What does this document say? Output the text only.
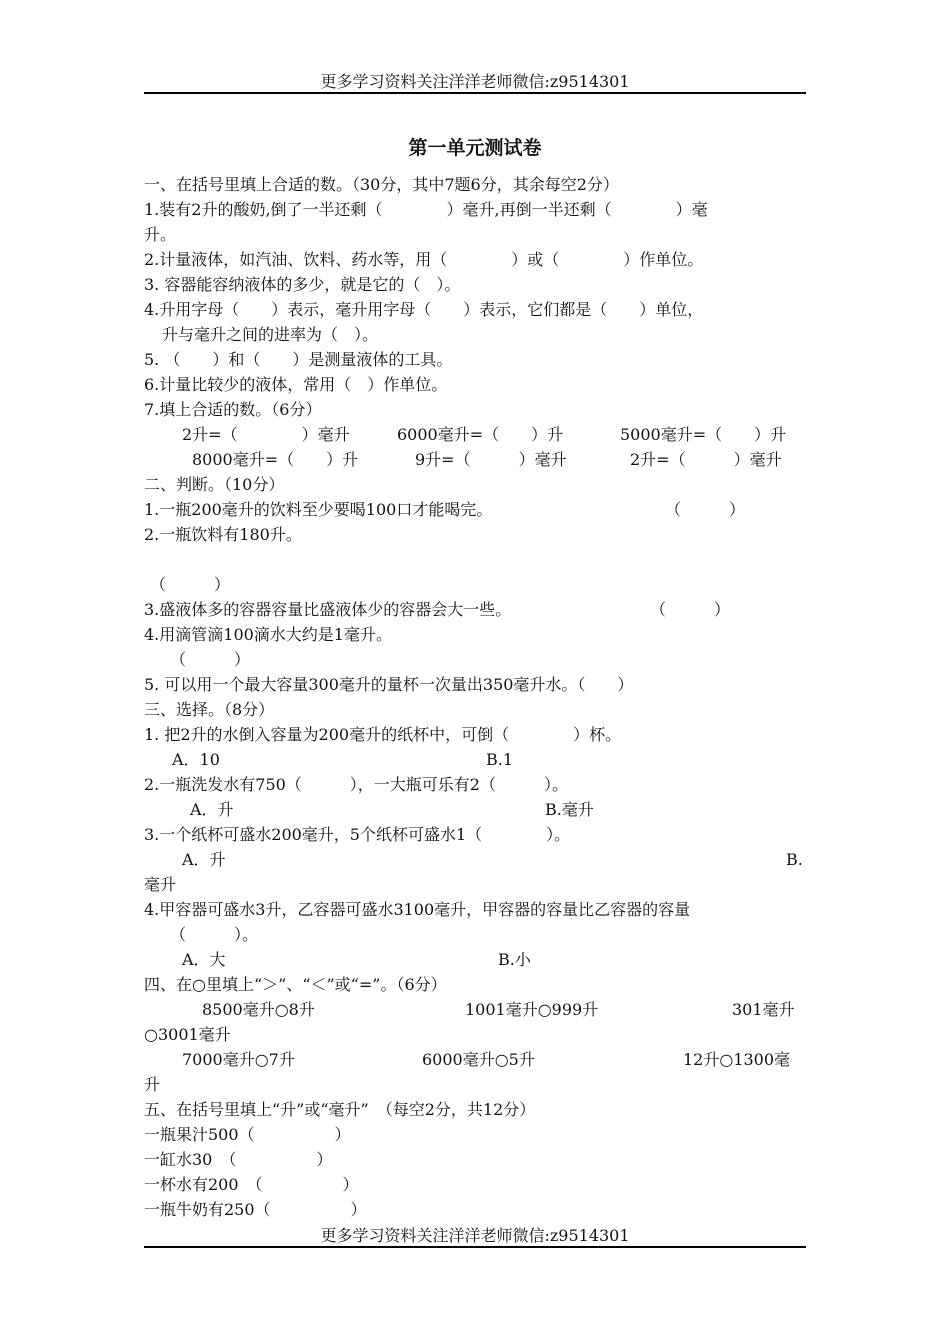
更多学习资料关注洋洋老师微信:z9514301
第一单元测试卷
一、在括号里填上合适的数。（30分，其中7题6分，其余每空2分）
1.装有2升的酸奶,倒了一半还剩（　　　　）毫升,再倒一半还剩（　　　　）毫
升。
2.计量液体，如汽油、饮料、药水等，用（　　　　）或（　　　　）作单位。
3. 容器能容纳液体的多少，就是它的（　）。
4.升用字母（　　）表示，毫升用字母（　　）表示，它们都是（　　）单位，
升与毫升之间的进率为（　）。
5. （　　）和（　　）是测量液体的工具。
6.计量比较少的液体，常用（　）作单位。
7.填上合适的数。（6分）
2升=（　　　　）毫升	6000毫升=（　　）升	5000毫升=（　　）升
8000毫升=（　　）升	9升=（　　　）毫升	2升=（　　　）毫升
二、判断。（10分）
1.一瓶200毫升的饮料至少要喝100口才能喝完。	（　　　）
2.一瓶饮料有180升。
（　　　）
3.盛液体多的容器容量比盛液体少的容器会大一些。	（　　　）
4.用滴管滴100滴水大约是1毫升。
（　　　）
5. 可以用一个最大容量300毫升的量杯一次量出350毫升水。（　　）
三、选择。（8分）
1. 把2升的水倒入容量为200毫升的纸杯中，可倒（　　　　）杯。
A．10	B.1
2.一瓶洗发水有750（　　　），一大瓶可乐有2（　　　）。
A．升	B.毫升
3.一个纸杯可盛水200毫升，5个纸杯可盛水1（　　　　）。
A．升	B.
毫升
4.甲容器可盛水3升，乙容器可盛水3100毫升，甲容器的容量比乙容器的容量
（　　　）。
A．大	B.小
四、在○里填上“＞”、“＜”或“=”。（6分）
8500毫升○8升	1001毫升○999升	301毫升
○3001毫升
7000毫升○7升	6000毫升○5升	12升○1300毫
升
五、在括号里填上“升”或“毫升”　（每空2分，共12分）
一瓶果汁500（　　　　　）
一缸水30　（　　　　　）
一杯水有200　（　　　　　）
一瓶牛奶有250（　　　　　）
更多学习资料关注洋洋老师微信:z9514301
